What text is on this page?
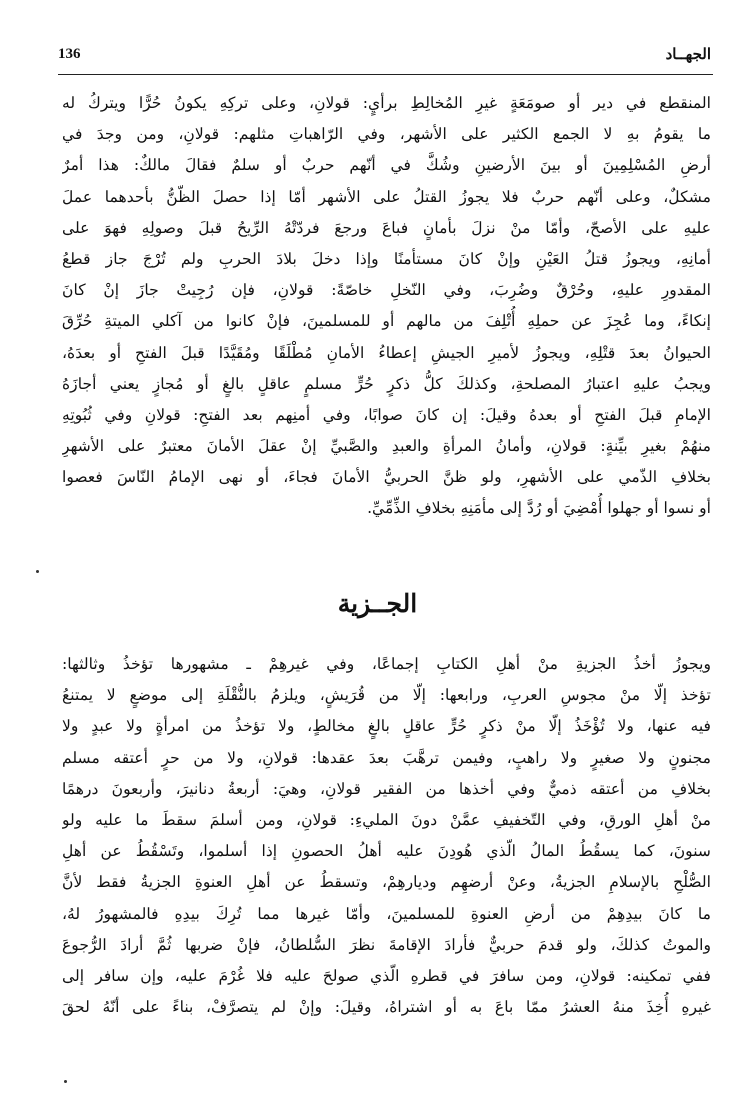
136	الجهــاد
المنقطع في دير أو صومَعَةٍ غيرِ المُخالِطِ برأيٍ: قولانِ، وعلى تركِهِ يكونُ حُرًّا ويتركُ له
ما يقومُ بهِ لا الجمع الكثير على الأشهر، وفي الرّاهباتِ مثلهم: قولانِ، ومن وجدَ في
أرضِ المُسْلِمِينَ أو بينَ الأرضينِ وشُكَّ في أنّهم حربٌ أو سلمٌ فقالَ مالكٌ: هذا أمرٌ
مشكلٌ، وعلى أنّهم حربٌ فلا يجوزُ القتلُ على الأشهر أمّا إذا حصلَ الظّنُّ بأحدهما عملَ
عليهِ على الأصحّ، وأمّا منْ نزلَ بأمانٍ فباعَ ورجعَ فردّتْهُ الرِّيحُ قبلَ وصولِهِ فهوَ على
أمانِهِ، ويجوزُ قتلُ العَيْنِ وإنْ كانَ مستأمنًا وإذا دخلَ بلادَ الحربِ ولم تُرْجَ جاز قطعُ
المقدورِ عليهِ، وحُرْقٌ وضُرِبَ، وفي النّخلِ خاصّةً: قولانِ، فإن رُجِيتْ جازَ إنْ كانَ
إنكاءً، وما عُجِزَ عن حملِهِ أُتْلِفَ من مالهم أو للمسلمينَ، فإنْ كانوا من آكلي الميتةِ حُرِّقَ
الحيوانُ بعدَ قتْلِهِ، ويجوزُ لأميرِ الجيشِ إعطاءُ الأمانِ مُطْلَقًا ومُقَيَّدًا قبلَ الفتحِ أو بعدَهُ،
ويجبُ عليهِ اعتبارُ المصلحةِ، وكذلكَ كلُّ ذكرٍ حُرٍّ مسلمٍ عاقلٍ بالغٍ أو مُجازٍ يعني أجازَهُ
الإمامِ قبلَ الفتحِ أو بعدهُ وقيلَ: إن كانَ صوابًا، وفي أمنِهم بعد الفتحِ: قولانِ وفي ثُبُوتِهِ
منهُمْ بغيرِ بيِّنةٍ: قولانِ، وأمانُ المرأةِ والعبدِ والصَّبيِّ إنْ عقلَ الأمانَ معتبرٌ على الأشهرِ
بخلافِ الذّمي على الأشهرِ، ولو ظنَّ الحربيُّ الأمانَ فجاءَ، أو نهى الإمامُ النّاسَ فعصوا
أو نسوا أو جهلوا أُمْضِيَ أو رُدَّ إلى مأمَنِهِ بخلافِ الذِّمِّيِّ.
الجــزية
ويجوزُ أخذُ الجزيةِ منْ أهلِ الكتابِ إجماعًا، وفي غيرهِمْ ـ مشهورها تؤخذُ وثالثها:
تؤخذ إلّا منْ مجوسِ العربِ، ورابعها: إلّا من قُرَيشٍ، ويلزمُ بالنُّقْلَةِ إلى موضعٍ لا يمتنعُ
فيه عنها، ولا تُؤْخَذُ إلّا منْ ذكرٍ حُرٍّ عاقلٍ بالغٍ مخالطٍ، ولا تؤخذُ من امرأةٍ ولا عبدٍ ولا
مجنونٍ ولا صغيرٍ ولا راهبٍ، وفيمن ترهَّبَ بعدَ عقدها: قولانِ، ولا من حرٍ أعتقه مسلم
بخلافِ من أعتقه ذميٌّ وفي أخذها من الفقير قولانِ، وهيَ: أربعةُ دنانيرَ، وأربعونَ درهمًا
منْ أهلِ الورقِ، وفي التّخفيفِ عمَّنْ دونَ المليءِ: قولانِ، ومن أسلمَ سقطَ ما عليه ولو
سنونَ، كما يسقُطُ المالُ الّذي هُودِنَ عليه أهلُ الحصونِ إذا أسلموا، وتَسْقُطُ عن أهلِ
الصُّلْحِ بالإسلامِ الجزيةُ، وعنْ أرضهِم وديارهِمْ، وتسقطُ عن أهلِ العنوةِ الجزيةُ فقط لأنَّ
ما كانَ بيدِهِمْ من أرضِ العنوةِ للمسلمينَ، وأمّا غيرها مما تُرِكَ بيدِهِ فالمشهورُ لهُ،
والموتُ كذلكَ، ولو قدمَ حربيٌّ فأرادَ الإقامةَ نظرَ السُّلطانُ، فإنْ ضربها ثُمَّ أرادَ الرُّجوعَ
ففي تمكينه: قولانِ، ومن سافرَ في قطرهِ الّذي صولحَ عليه فلا غُرْمَ عليه، وإن سافر إلى
غيرهِ أُخِذَ منهُ العشرُ ممّا باعَ به أو اشتراهُ، وقيلَ: وإنْ لم يتصرَّفْ، بناءً على أنّهُ لحقَ
